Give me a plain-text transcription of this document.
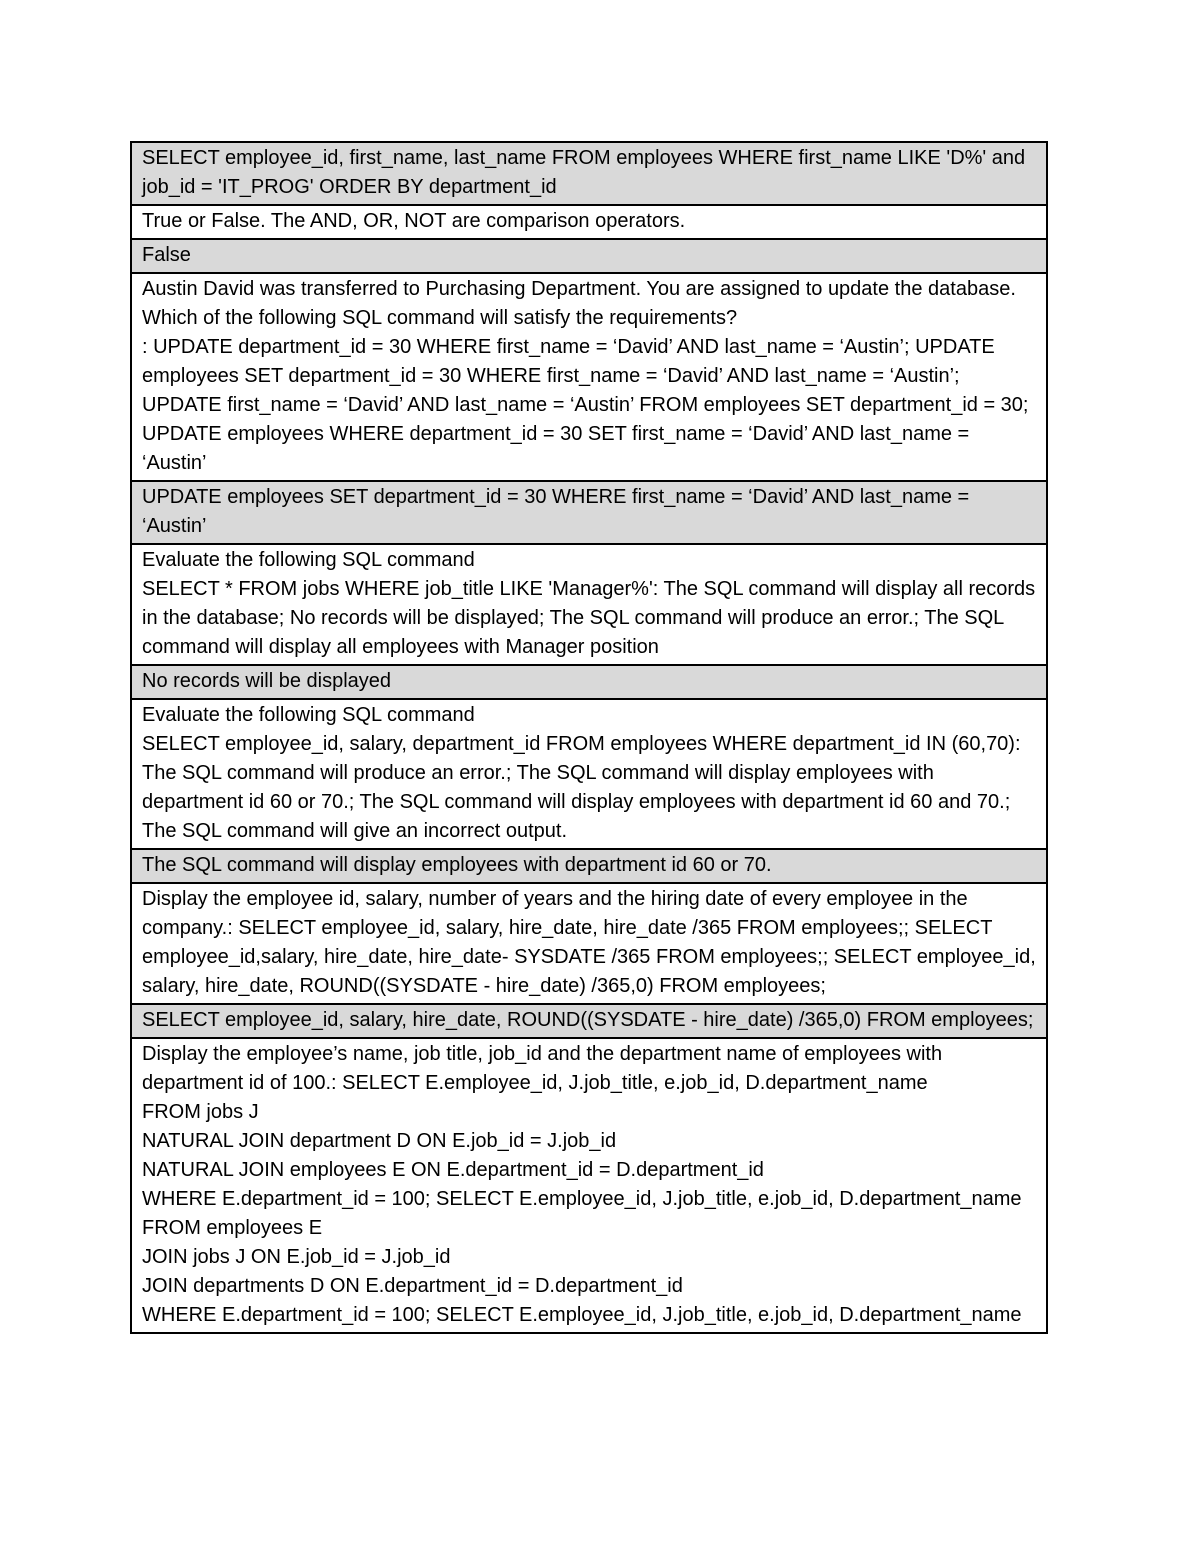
SELECT employee_id, first_name, last_name FROM employees WHERE first_name LIKE 'D%' and job_id = 'IT_PROG' ORDER BY department_id
True or False. The AND, OR, NOT are comparison operators.
False
Austin David was transferred to Purchasing Department. You are assigned to update the database.
Which of the following SQL command will satisfy the requirements?
: UPDATE department_id = 30 WHERE first_name = ‘David’ AND last_name = ‘Austin’; UPDATE employees SET department_id = 30 WHERE first_name = ‘David’ AND last_name = ‘Austin’; UPDATE first_name = ‘David’ AND last_name = ‘Austin’ FROM employees SET department_id = 30; UPDATE employees WHERE department_id = 30 SET first_name = ‘David’ AND last_name = ‘Austin’
UPDATE employees SET department_id = 30 WHERE first_name = ‘David’ AND last_name = ‘Austin’
Evaluate the following SQL command
SELECT * FROM jobs WHERE job_title LIKE 'Manager%': The SQL command will display all records in the database; No records will be displayed; The SQL command will produce an error.; The SQL command will display all employees with Manager position
No records will be displayed
Evaluate the following SQL command
SELECT employee_id, salary, department_id FROM employees WHERE department_id IN (60,70): The SQL command will produce an error.; The SQL command will display employees with department id 60 or 70.; The SQL command will display employees with department id 60 and 70.; The SQL command will give an incorrect output.
The SQL command will display employees with department id 60 or 70.
Display the employee id, salary, number of years and the hiring date of every employee in the company.: SELECT employee_id, salary, hire_date, hire_date /365 FROM employees;; SELECT employee_id,salary, hire_date, hire_date- SYSDATE /365 FROM employees;; SELECT employee_id, salary, hire_date, ROUND((SYSDATE - hire_date) /365,0) FROM employees;
SELECT employee_id, salary, hire_date, ROUND((SYSDATE - hire_date) /365,0) FROM employees;
Display the employee’s name, job title, job_id and the department name of employees with department id of 100.: SELECT E.employee_id, J.job_title, e.job_id, D.department_name
FROM jobs J
NATURAL JOIN department D ON E.job_id = J.job_id
NATURAL JOIN employees E ON E.department_id = D.department_id
WHERE E.department_id = 100; SELECT E.employee_id, J.job_title, e.job_id, D.department_name
FROM employees E
JOIN jobs J ON E.job_id = J.job_id
JOIN departments D ON E.department_id = D.department_id
WHERE E.department_id = 100; SELECT E.employee_id, J.job_title, e.job_id, D.department_name
